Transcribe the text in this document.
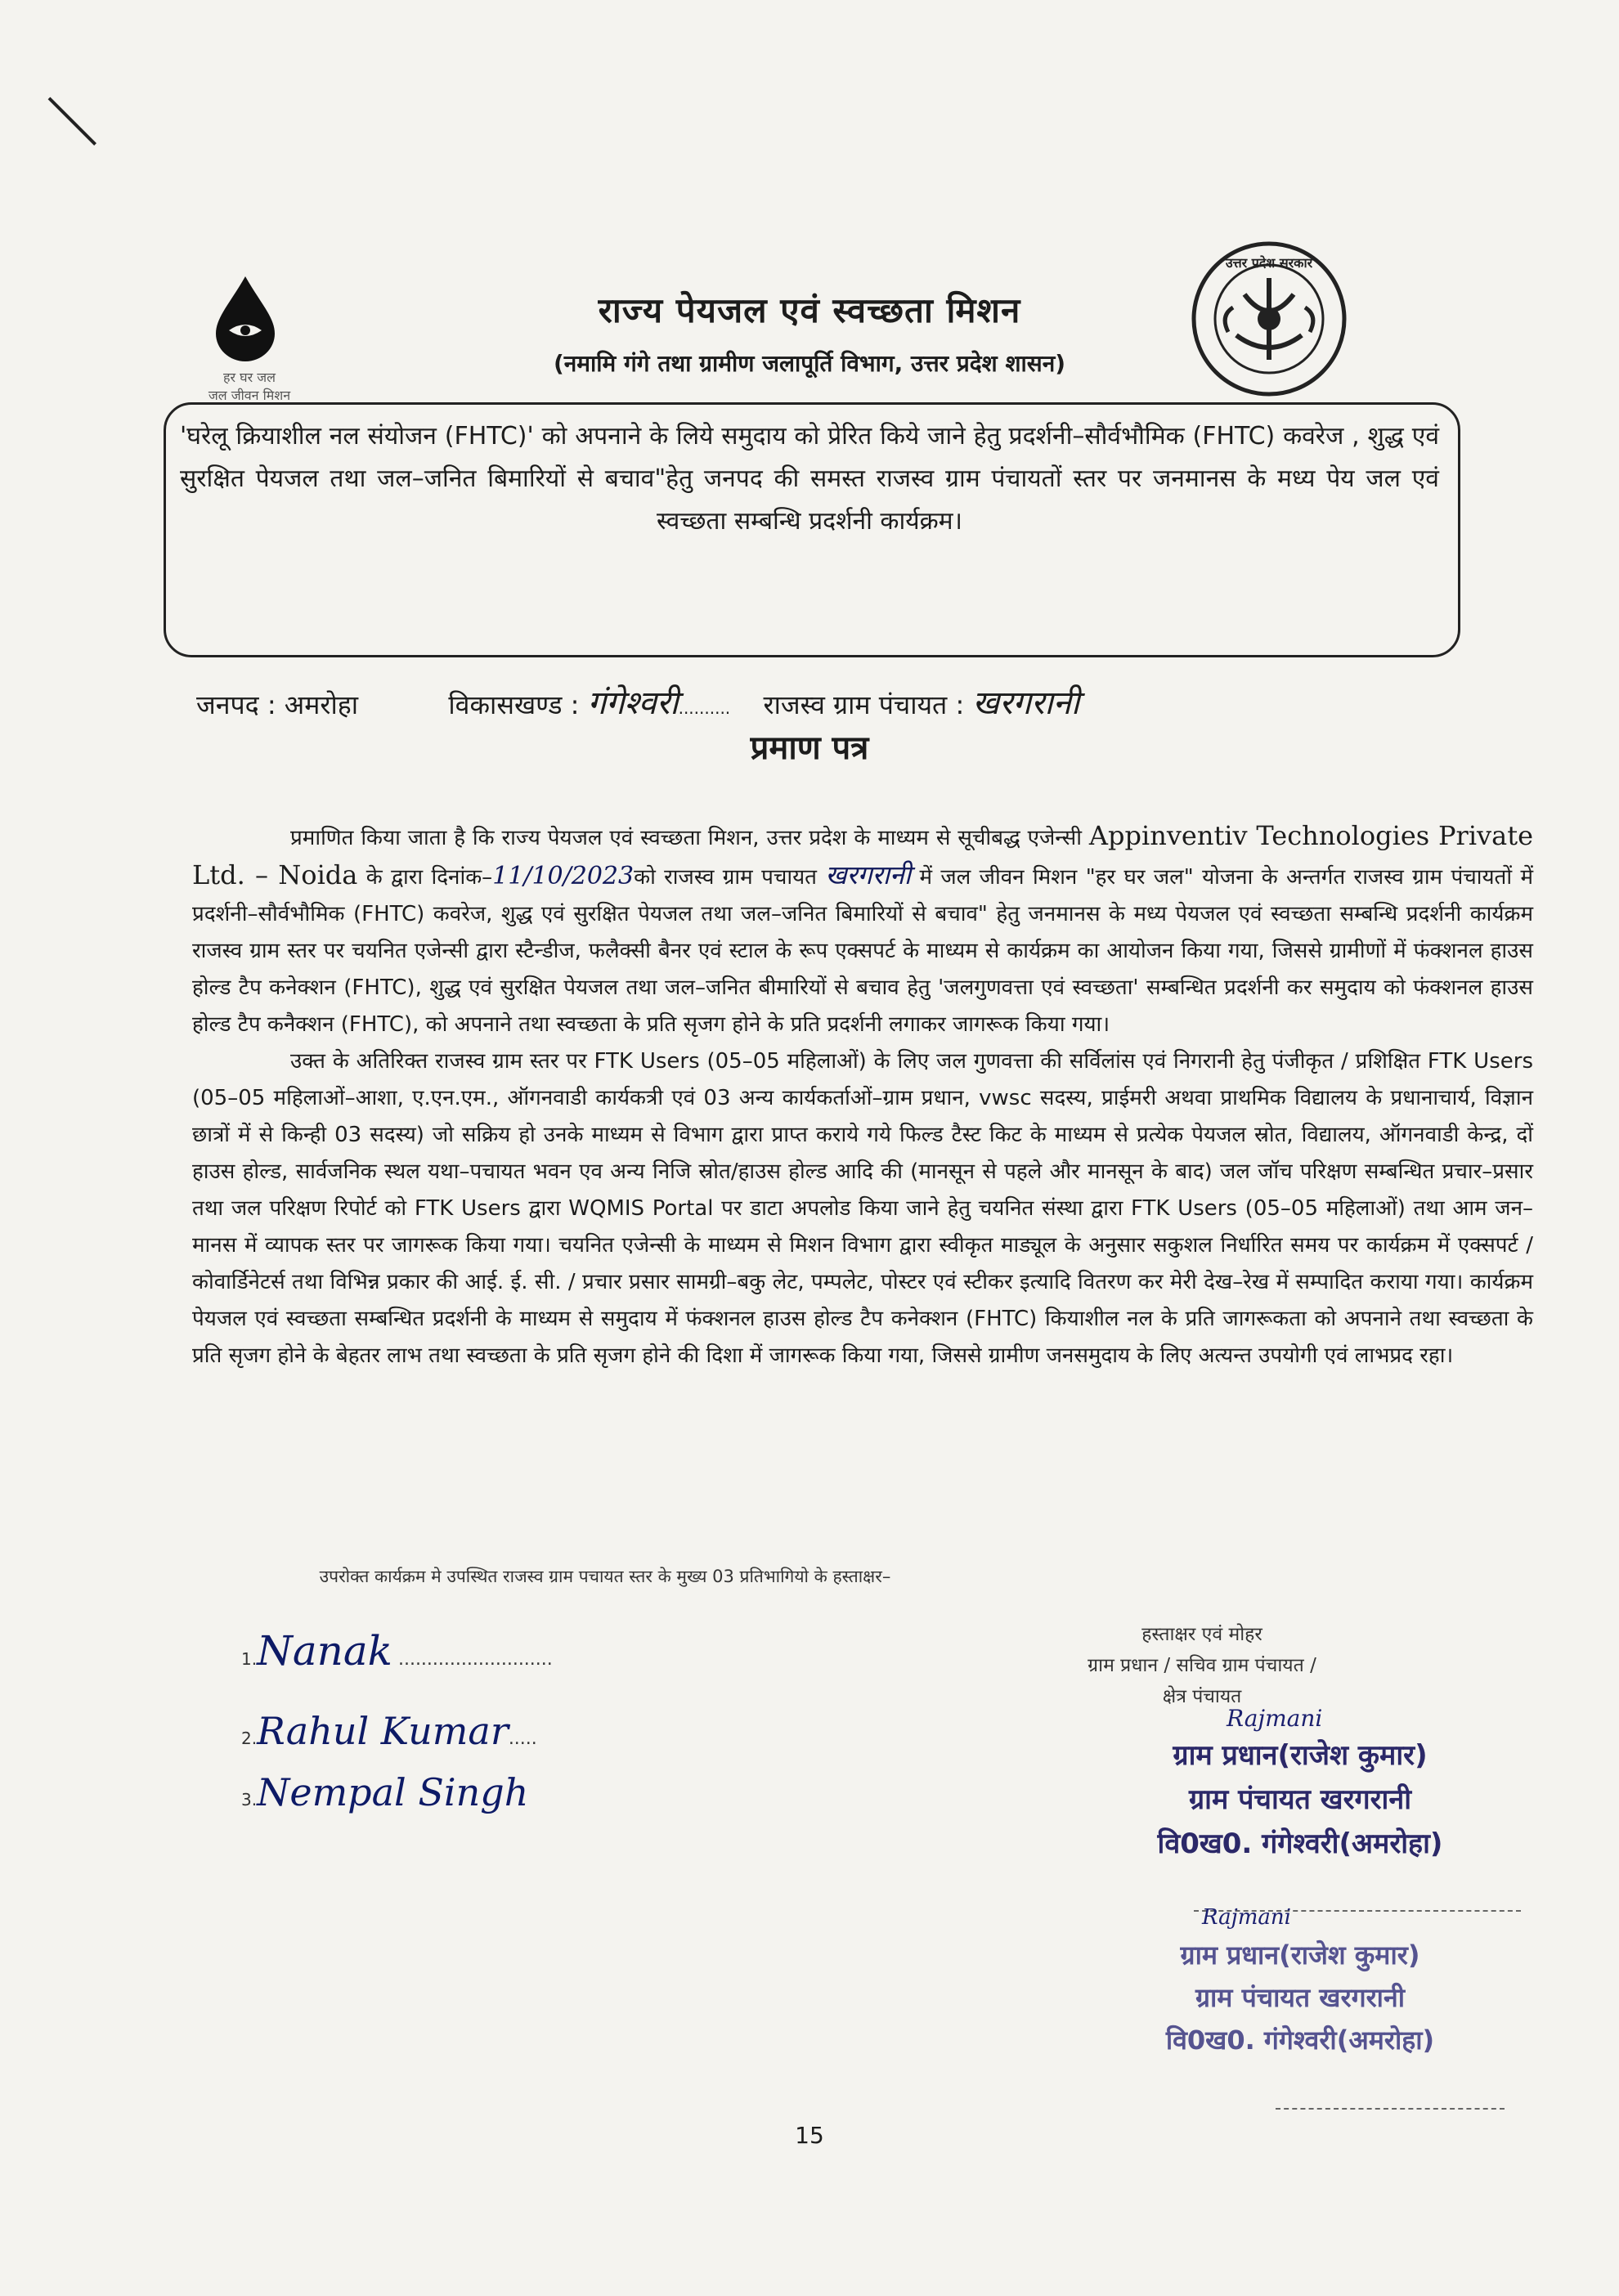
हर घर जल
जल जीवन मिशन
राज्य पेयजल एवं स्वच्छता मिशन
(नमामि गंगे तथा ग्रामीण जलापूर्ति विभाग, उत्तर प्रदेश शासन)
उत्तर प्रदेश सरकार
'घरेलू क्रियाशील नल संयोजन (FHTC)' को अपनाने के लिये समुदाय को प्रेरित किये जाने हेतु प्रदर्शनी–सौर्वभौमिक (FHTC) कवरेज , शुद्ध एवं सुरक्षित पेयजल तथा जल–जनित बिमारियों से बचाव"हेतु जनपद की समस्त राजस्व ग्राम पंचायतों स्तर पर जनमानस के मध्य पेय जल एवं स्वच्छता सम्बन्धि प्रदर्शनी कार्यक्रम।
जनपद : अमरोहा	विकासखण्ड : गंगेश्वरी.......... राजस्व ग्राम पंचायत : खरगरानी
प्रमाण पत्र

प्रमाणित किया जाता है कि राज्य पेयजल एवं स्वच्छता मिशन, उत्तर प्रदेश के माध्यम से सूचीबद्ध एजेन्सी Appinventiv Technologies Private Ltd. – Noida के द्वारा दिनांक–11/10/2023को राजस्व ग्राम पचायत खरगरानी में जल जीवन मिशन "हर घर जल" योजना के अन्तर्गत राजस्व ग्राम पंचायतों में प्रदर्शनी–सौर्वभौमिक (FHTC) कवरेज, शुद्ध एवं सुरक्षित पेयजल तथा जल–जनित बिमारियों से बचाव" हेतु जनमानस के मध्य पेयजल एवं स्वच्छता सम्बन्धि प्रदर्शनी कार्यक्रम राजस्व ग्राम स्तर पर चयनित एजेन्सी द्वारा स्टैन्डीज, फलैक्सी बैनर एवं स्टाल के रूप एक्सपर्ट के माध्यम से कार्यक्रम का आयोजन किया गया, जिससे ग्रामीणों में फंक्शनल हाउस होल्ड टैप कनेक्शन (FHTC), शुद्ध एवं सुरक्षित पेयजल तथा जल–जनित बीमारियों से बचाव हेतु 'जलगुणवत्ता एवं स्वच्छता' सम्बन्धित प्रदर्शनी कर समुदाय को फंक्शनल हाउस होल्ड टैप कनैक्शन (FHTC), को अपनाने तथा स्वच्छता के प्रति सृजग होने के प्रति प्रदर्शनी लगाकर जागरूक किया गया।

उक्त के अतिरिक्त राजस्व ग्राम स्तर पर FTK Users (05–05 महिलाओं) के लिए जल गुणवत्ता की सर्विलांस एवं निगरानी हेतु पंजीकृत / प्रशिक्षित FTK Users (05–05 महिलाओं–आशा, ए.एन.एम., ऑगनवाडी कार्यकत्री एवं 03 अन्य कार्यकर्ताओं–ग्राम प्रधान, vwsc सदस्य, प्राईमरी अथवा प्राथमिक विद्यालय के प्रधानाचार्य, विज्ञान छात्रों में से किन्ही 03 सदस्य) जो सक्रिय हो उनके माध्यम से विभाग द्वारा प्राप्त कराये गये फिल्ड टैस्ट किट के माध्यम से प्रत्येक पेयजल स्रोत, विद्यालय, ऑगनवाडी केन्द्र, दों हाउस होल्ड, सार्वजनिक स्थल यथा–पचायत भवन एव अन्य निजि स्रोत/हाउस होल्ड आदि की (मानसून से पहले और मानसून के बाद) जल जॉच परिक्षण सम्बन्धित प्रचार–प्रसार तथा जल परिक्षण रिपोर्ट को FTK Users द्वारा WQMIS Portal पर डाटा अपलोड किया जाने हेतु चयनित संस्था द्वारा FTK Users (05–05 महिलाओं) तथा आम जन–मानस में व्यापक स्तर पर जागरूक किया गया। चयनित एजेन्सी के माध्यम से मिशन विभाग द्वारा स्वीकृत माड्यूल के अनुसार सकुशल निर्धारित समय पर कार्यक्रम में एक्सपर्ट / कोवार्डिनेटर्स तथा विभिन्न प्रकार की आई. ई. सी. / प्रचार प्रसार सामग्री–बकु लेट, पम्पलेट, पोस्टर एवं स्टीकर इत्यादि वितरण कर मेरी देख–रेख में सम्पादित कराया गया। कार्यक्रम पेयजल एवं स्वच्छता सम्बन्धित प्रदर्शनी के माध्यम से समुदाय में फंक्शनल हाउस होल्ड टैप कनेक्शन (FHTC) कियाशील नल के प्रति जागरूकता को अपनाने तथा स्वच्छता के प्रति सृजग होने के बेहतर लाभ तथा स्वच्छता के प्रति सृजग होने की दिशा में जागरूक किया गया, जिससे ग्रामीण जनसमुदाय के लिए अत्यन्त उपयोगी एवं लाभप्रद रहा।

उपरोक्त कार्यक्रम मे उपस्थित राजस्व ग्राम पचायत स्तर के मुख्य 03 प्रतिभागियो के हस्ताक्षर–
1.Nanak ...........................
2.Rahul Kumar.....
3.Nempal Singh
हस्ताक्षर एवं मोहर
ग्राम प्रधान / सचिव ग्राम पंचायत /
क्षेत्र पंचायत
Rajmani
ग्राम प्रधान(राजेश कुमार)
ग्राम पंचायत खरगरानी
वि0ख0. गंगेश्वरी(अमरोहा)
Rajmani
ग्राम प्रधान(राजेश कुमार)
ग्राम पंचायत खरगरानी
वि0ख0. गंगेश्वरी(अमरोहा)
15
